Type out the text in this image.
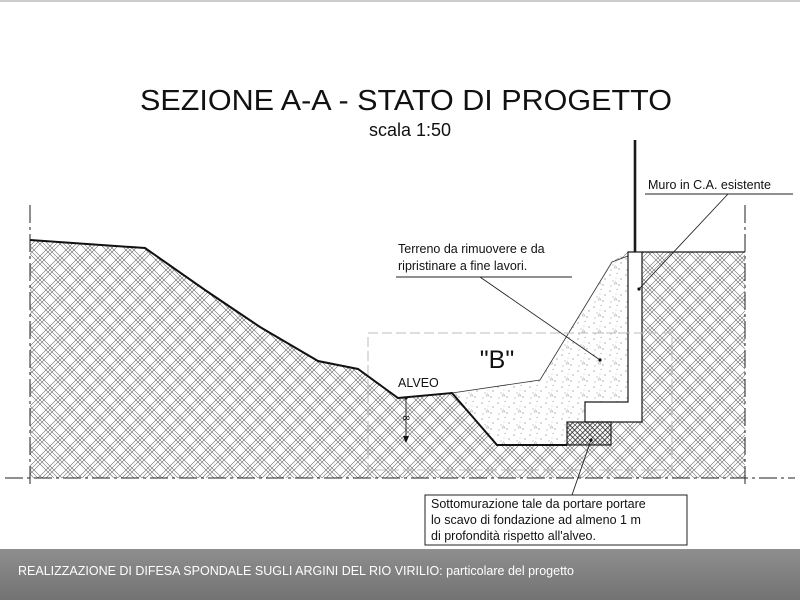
SEZIONE A-A - STATO DI PROGETTO
scala 1:50
"B"
Muro in C.A. esistente
Terreno da rimuovere e da
ripristinare a fine lavori.
ALVEO
8
Sottomurazione tale da portare portare
lo scavo di fondazione ad almeno 1 m
di profondità rispetto all'alveo.
REALIZZAZIONE DI DIFESA SPONDALE SUGLI ARGINI DEL RIO VIRILIO: particolare del progetto
